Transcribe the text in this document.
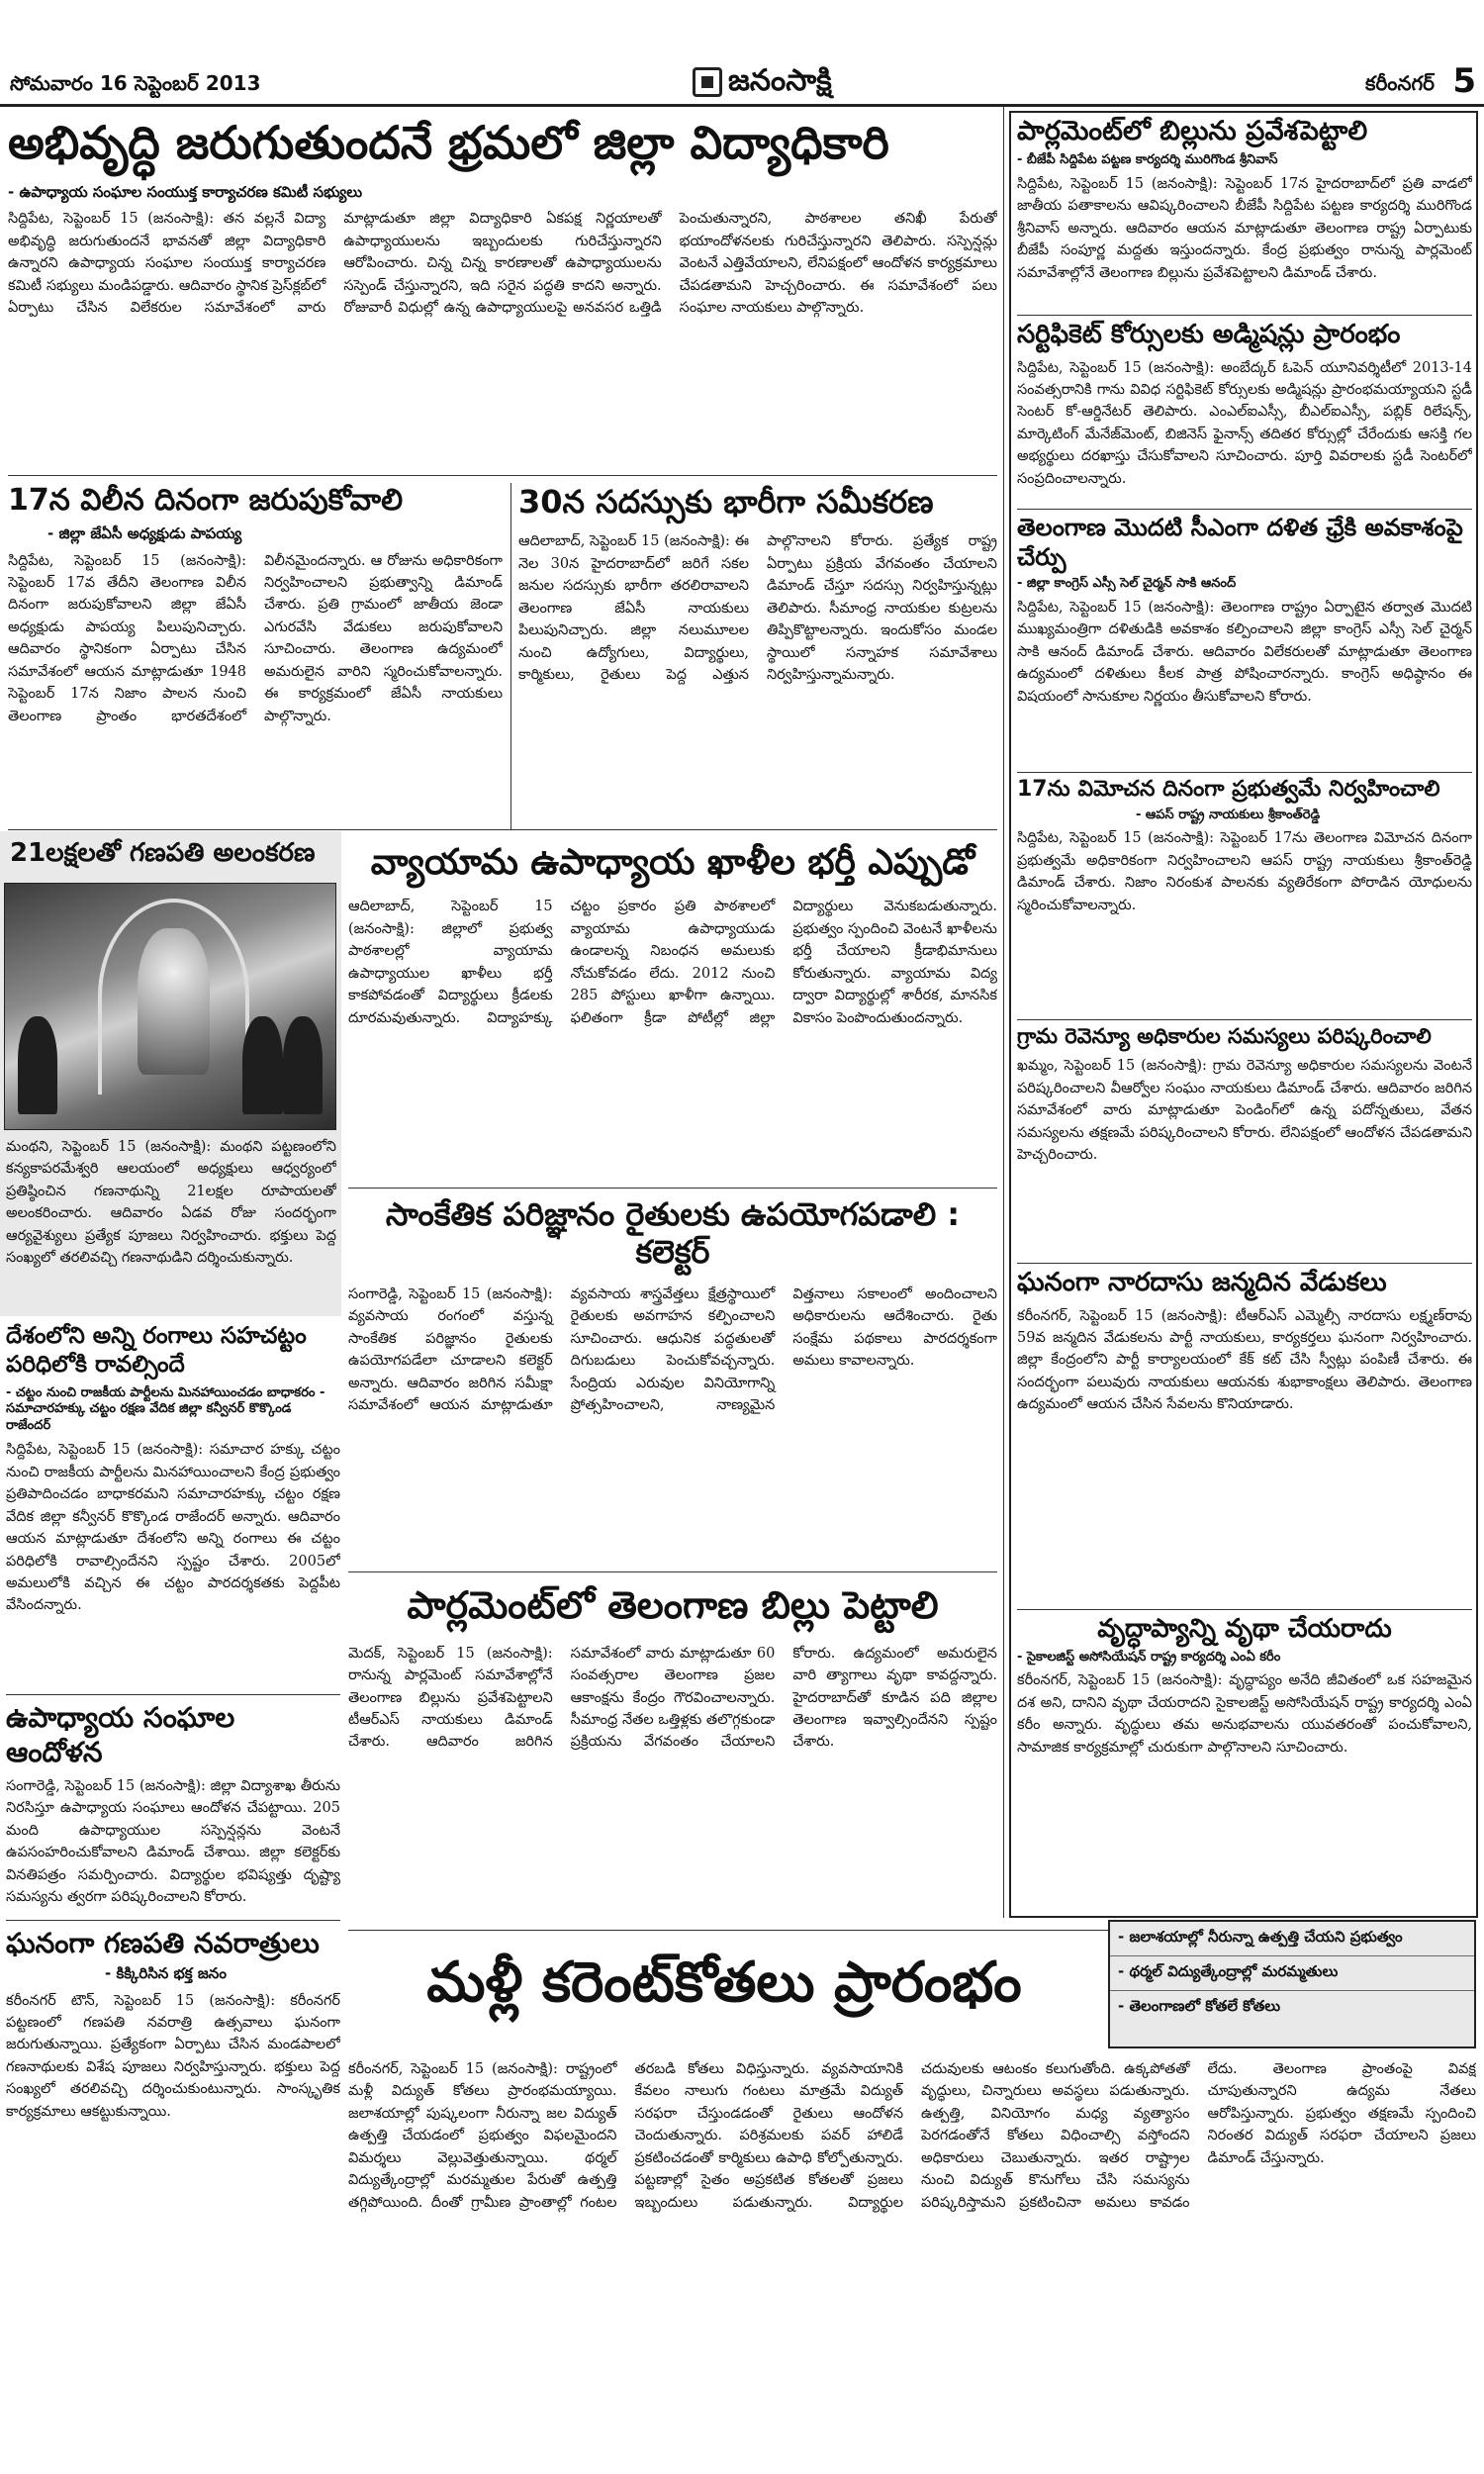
సోమవారం 16 సెప్టెంబర్ 2013	జనంసాక్షి	కరీంనగర్ 5
అభివృద్ధి జరుగుతుందనే భ్రమలో జిల్లా విద్యాధికారి
- ఉపాధ్యాయ సంఘాల సంయుక్త కార్యాచరణ కమిటీ సభ్యులు
సిద్దిపేట, సెప్టెంబర్ 15 (జనంసాక్షి): తన వల్లనే విద్యా అభివృద్ధి జరుగుతుందనే భావనతో జిల్లా విద్యాధికారి ఉన్నారని ఉపాధ్యాయ సంఘాల సంయుక్త కార్యాచరణ కమిటీ సభ్యులు మండిపడ్డారు. ఆదివారం స్థానిక ప్రెస్‌క్లబ్‌లో ఏర్పాటు చేసిన విలేకరుల సమావేశంలో వారు మాట్లాడుతూ జిల్లా విద్యాధికారి ఏకపక్ష నిర్ణయాలతో ఉపాధ్యాయులను ఇబ్బందులకు గురిచేస్తున్నారని ఆరోపించారు. చిన్న చిన్న కారణాలతో ఉపాధ్యాయులను సస్పెండ్ చేస్తున్నారని, ఇది సరైన పద్ధతి కాదని అన్నారు. రోజువారీ విధుల్లో ఉన్న ఉపాధ్యాయులపై అనవసర ఒత్తిడి పెంచుతున్నారని, పాఠశాలల తనిఖీ పేరుతో భయాందోళనలకు గురిచేస్తున్నారని తెలిపారు. సస్పెన్షన్లు వెంటనే ఎత్తివేయాలని, లేనిపక్షంలో ఆందోళన కార్యక్రమాలు చేపడతామని హెచ్చరించారు. ఈ సమావేశంలో పలు సంఘాల నాయకులు పాల్గొన్నారు.
17న విలీన దినంగా జరుపుకోవాలి
- జిల్లా జేఏసీ అధ్యక్షుడు పాపయ్య
సిద్దిపేట, సెప్టెంబర్ 15 (జనంసాక్షి): సెప్టెంబర్ 17వ తేదీని తెలంగాణ విలీన దినంగా జరుపుకోవాలని జిల్లా జేఏసీ అధ్యక్షుడు పాపయ్య పిలుపునిచ్చారు. ఆదివారం స్థానికంగా ఏర్పాటు చేసిన సమావేశంలో ఆయన మాట్లాడుతూ 1948 సెప్టెంబర్ 17న నిజాం పాలన నుంచి తెలంగాణ ప్రాంతం భారతదేశంలో విలీనమైందన్నారు. ఆ రోజును అధికారికంగా నిర్వహించాలని ప్రభుత్వాన్ని డిమాండ్ చేశారు. ప్రతి గ్రామంలో జాతీయ జెండా ఎగురవేసి వేడుకలు జరుపుకోవాలని సూచించారు. తెలంగాణ ఉద్యమంలో అమరులైన వారిని స్మరించుకోవాలన్నారు. ఈ కార్యక్రమంలో జేఏసీ నాయకులు పాల్గొన్నారు.
30న సదస్సుకు భారీగా సమీకరణ
ఆదిలాబాద్, సెప్టెంబర్ 15 (జనంసాక్షి): ఈ నెల 30న హైదరాబాద్‌లో జరిగే సకల జనుల సదస్సుకు భారీగా తరలిరావాలని తెలంగాణ జేఏసీ నాయకులు పిలుపునిచ్చారు. జిల్లా నలుమూలల నుంచి ఉద్యోగులు, విద్యార్థులు, కార్మికులు, రైతులు పెద్ద ఎత్తున పాల్గొనాలని కోరారు. ప్రత్యేక రాష్ట్ర ఏర్పాటు ప్రక్రియ వేగవంతం చేయాలని డిమాండ్ చేస్తూ సదస్సు నిర్వహిస్తున్నట్లు తెలిపారు. సీమాంధ్ర నాయకుల కుట్రలను తిప్పికొట్టాలన్నారు. ఇందుకోసం మండల స్థాయిలో సన్నాహక సమావేశాలు నిర్వహిస్తున్నామన్నారు.
21లక్షలతో గణపతి అలంకరణ
మంథని, సెప్టెంబర్ 15 (జనంసాక్షి): మంథని పట్టణంలోని కన్యకాపరమేశ్వరి ఆలయంలో అధ్యక్షులు ఆధ్వర్యంలో ప్రతిష్ఠించిన గణనాథున్ని 21లక్షల రూపాయలతో అలంకరించారు. ఆదివారం ఏడవ రోజు సందర్భంగా ఆర్యవైశ్యులు ప్రత్యేక పూజలు నిర్వహించారు. భక్తులు పెద్ద సంఖ్యలో తరలివచ్చి గణనాథుడిని దర్శించుకున్నారు.
వ్యాయామ ఉపాధ్యాయ ఖాళీల భర్తీ ఎప్పుడో
ఆదిలాబాద్, సెప్టెంబర్ 15 (జనంసాక్షి): జిల్లాలో ప్రభుత్వ పాఠశాలల్లో వ్యాయామ ఉపాధ్యాయుల ఖాళీలు భర్తీ కాకపోవడంతో విద్యార్థులు క్రీడలకు దూరమవుతున్నారు. విద్యాహక్కు చట్టం ప్రకారం ప్రతి పాఠశాలలో వ్యాయామ ఉపాధ్యాయుడు ఉండాలన్న నిబంధన అమలుకు నోచుకోవడం లేదు. 2012 నుంచి 285 పోస్టులు ఖాళీగా ఉన్నాయి. ఫలితంగా క్రీడా పోటీల్లో జిల్లా విద్యార్థులు వెనుకబడుతున్నారు. ప్రభుత్వం స్పందించి వెంటనే ఖాళీలను భర్తీ చేయాలని క్రీడాభిమానులు కోరుతున్నారు. వ్యాయామ విద్య ద్వారా విద్యార్థుల్లో శారీరక, మానసిక వికాసం పెంపొందుతుందన్నారు.
సాంకేతిక పరిజ్ఞానం రైతులకు ఉపయోగపడాలి : కలెక్టర్
సంగారెడ్డి, సెప్టెంబర్ 15 (జనంసాక్షి): వ్యవసాయ రంగంలో వస్తున్న సాంకేతిక పరిజ్ఞానం రైతులకు ఉపయోగపడేలా చూడాలని కలెక్టర్ అన్నారు. ఆదివారం జరిగిన సమీక్షా సమావేశంలో ఆయన మాట్లాడుతూ వ్యవసాయ శాస్త్రవేత్తలు క్షేత్రస్థాయిలో రైతులకు అవగాహన కల్పించాలని సూచించారు. ఆధునిక పద్ధతులతో దిగుబడులు పెంచుకోవచ్చన్నారు. సేంద్రియ ఎరువుల వినియోగాన్ని ప్రోత్సహించాలని, నాణ్యమైన విత్తనాలు సకాలంలో అందించాలని అధికారులను ఆదేశించారు. రైతు సంక్షేమ పథకాలు పారదర్శకంగా అమలు కావాలన్నారు.
దేశంలోని అన్ని రంగాలు సహచట్టం పరిధిలోకి రావల్సిందే
- చట్టం నుంచి రాజకీయ పార్టీలను మినహాయించడం బాధాకరం - సమాచారహక్కు చట్టం రక్షణ వేదిక జిల్లా కన్వీనర్ కొక్కొండ రాజేందర్
సిద్దిపేట, సెప్టెంబర్ 15 (జనంసాక్షి): సమాచార హక్కు చట్టం నుంచి రాజకీయ పార్టీలను మినహాయించాలని కేంద్ర ప్రభుత్వం ప్రతిపాదించడం బాధాకరమని సమాచారహక్కు చట్టం రక్షణ వేదిక జిల్లా కన్వీనర్ కొక్కొండ రాజేందర్ అన్నారు. ఆదివారం ఆయన మాట్లాడుతూ దేశంలోని అన్ని రంగాలు ఈ చట్టం పరిధిలోకి రావాల్సిందేనని స్పష్టం చేశారు. 2005లో అమలులోకి వచ్చిన ఈ చట్టం పారదర్శకతకు పెద్దపీట వేసిందన్నారు.
ఉపాధ్యాయ సంఘాల ఆందోళన
సంగారెడ్డి, సెప్టెంబర్ 15 (జనంసాక్షి): జిల్లా విద్యాశాఖ తీరును నిరసిస్తూ ఉపాధ్యాయ సంఘాలు ఆందోళన చేపట్టాయి. 205 మంది ఉపాధ్యాయుల సస్పెన్షన్లను వెంటనే ఉపసంహరించుకోవాలని డిమాండ్ చేశాయి. జిల్లా కలెక్టర్‌కు వినతిపత్రం సమర్పించారు. విద్యార్థుల భవిష్యత్తు దృష్ట్యా సమస్యను త్వరగా పరిష్కరించాలని కోరారు.
ఘనంగా గణపతి నవరాత్రులు
- కిక్కిరిసిన భక్త జనం
కరీంనగర్ టౌన్, సెప్టెంబర్ 15 (జనంసాక్షి): కరీంనగర్ పట్టణంలో గణపతి నవరాత్రి ఉత్సవాలు ఘనంగా జరుగుతున్నాయి. ప్రత్యేకంగా ఏర్పాటు చేసిన మండపాలలో గణనాథులకు విశేష పూజలు నిర్వహిస్తున్నారు. భక్తులు పెద్ద సంఖ్యలో తరలివచ్చి దర్శించుకుంటున్నారు. సాంస్కృతిక కార్యక్రమాలు ఆకట్టుకున్నాయి.
పార్లమెంట్‌లో తెలంగాణ బిల్లు పెట్టాలి
మెదక్, సెప్టెంబర్ 15 (జనంసాక్షి): రానున్న పార్లమెంట్ సమావేశాల్లోనే తెలంగాణ బిల్లును ప్రవేశపెట్టాలని టీఆర్ఎస్ నాయకులు డిమాండ్ చేశారు. ఆదివారం జరిగిన సమావేశంలో వారు మాట్లాడుతూ 60 సంవత్సరాల తెలంగాణ ప్రజల ఆకాంక్షను కేంద్రం గౌరవించాలన్నారు. సీమాంధ్ర నేతల ఒత్తిళ్లకు తలొగ్గకుండా ప్రక్రియను వేగవంతం చేయాలని కోరారు. ఉద్యమంలో అమరులైన వారి త్యాగాలు వృథా కావద్దన్నారు. హైదరాబాద్‌తో కూడిన పది జిల్లాల తెలంగాణ ఇవ్వాల్సిందేనని స్పష్టం చేశారు.
మళ్లీ కరెంట్‌కోతలు ప్రారంభం
- జలాశయాల్లో నీరున్నా ఉత్పత్తి చేయని ప్రభుత్వం
- థర్మల్ విద్యుత్కేంద్రాల్లో మరమ్మతులు
- తెలంగాణలో కోతలే కోతలు
కరీంనగర్, సెప్టెంబర్ 15 (జనంసాక్షి): రాష్ట్రంలో మళ్లీ విద్యుత్ కోతలు ప్రారంభమయ్యాయి. జలాశయాల్లో పుష్కలంగా నీరున్నా జల విద్యుత్ ఉత్పత్తి చేయడంలో ప్రభుత్వం విఫలమైందని విమర్శలు వెల్లువెత్తుతున్నాయి. థర్మల్ విద్యుత్కేంద్రాల్లో మరమ్మతుల పేరుతో ఉత్పత్తి తగ్గిపోయింది. దీంతో గ్రామీణ ప్రాంతాల్లో గంటల తరబడి కోతలు విధిస్తున్నారు. వ్యవసాయానికి కేవలం నాలుగు గంటలు మాత్రమే విద్యుత్ సరఫరా చేస్తుండడంతో రైతులు ఆందోళన చెందుతున్నారు. పరిశ్రమలకు పవర్ హాలిడే ప్రకటించడంతో కార్మికులు ఉపాధి కోల్పోతున్నారు. పట్టణాల్లో సైతం అప్రకటిత కోతలతో ప్రజలు ఇబ్బందులు పడుతున్నారు. విద్యార్థుల చదువులకు ఆటంకం కలుగుతోంది. ఉక్కపోతతో వృద్ధులు, చిన్నారులు అవస్థలు పడుతున్నారు. ఉత్పత్తి, వినియోగం మధ్య వ్యత్యాసం పెరగడంతోనే కోతలు విధించాల్సి వస్తోందని అధికారులు చెబుతున్నారు. ఇతర రాష్ట్రాల నుంచి విద్యుత్ కొనుగోలు చేసి సమస్యను పరిష్కరిస్తామని ప్రకటించినా అమలు కావడం లేదు. తెలంగాణ ప్రాంతంపై వివక్ష చూపుతున్నారని ఉద్యమ నేతలు ఆరోపిస్తున్నారు. ప్రభుత్వం తక్షణమే స్పందించి నిరంతర విద్యుత్ సరఫరా చేయాలని ప్రజలు డిమాండ్ చేస్తున్నారు.
పార్లమెంట్‌లో బిల్లును ప్రవేశపెట్టాలి
- బీజేపీ సిద్దిపేట పట్టణ కార్యదర్శి మురిగొండ శ్రీనివాస్
సిద్దిపేట, సెప్టెంబర్ 15 (జనంసాక్షి): సెప్టెంబర్ 17న హైదరాబాద్‌లో ప్రతి వాడలో జాతీయ పతాకాలను ఆవిష్కరించాలని బీజేపీ సిద్దిపేట పట్టణ కార్యదర్శి మురిగొండ శ్రీనివాస్ అన్నారు. ఆదివారం ఆయన మాట్లాడుతూ తెలంగాణ రాష్ట్ర ఏర్పాటుకు బీజేపీ సంపూర్ణ మద్దతు ఇస్తుందన్నారు. కేంద్ర ప్రభుత్వం రానున్న పార్లమెంట్ సమావేశాల్లోనే తెలంగాణ బిల్లును ప్రవేశపెట్టాలని డిమాండ్ చేశారు.
సర్టిఫికెట్ కోర్సులకు అడ్మిషన్లు ప్రారంభం
సిద్దిపేట, సెప్టెంబర్ 15 (జనంసాక్షి): అంబేద్కర్ ఓపెన్ యూనివర్శిటీలో 2013-14 సంవత్సరానికి గాను వివిధ సర్టిఫికెట్ కోర్సులకు అడ్మిషన్లు ప్రారంభమయ్యాయని స్టడీ సెంటర్ కో-ఆర్డినేటర్ తెలిపారు. ఎంఎల్ఐఎస్సీ, బీఎల్ఐఎస్సీ, పబ్లిక్ రిలేషన్స్, మార్కెటింగ్ మేనేజ్‌మెంట్, బిజినెస్ ఫైనాన్స్ తదితర కోర్సుల్లో చేరేందుకు ఆసక్తి గల అభ్యర్థులు దరఖాస్తు చేసుకోవాలని సూచించారు. పూర్తి వివరాలకు స్టడీ సెంటర్‌లో సంప్రదించాలన్నారు.
తెలంగాణ మొదటి సీఎంగా దళిత ఛ్రేకి అవకాశంపై చేర్పు
- జిల్లా కాంగ్రెస్ ఎస్సీ సెల్ చైర్మన్ సాకి ఆనంద్
సిద్దిపేట, సెప్టెంబర్ 15 (జనంసాక్షి): తెలంగాణ రాష్ట్రం ఏర్పాటైన తర్వాత మొదటి ముఖ్యమంత్రిగా దళితుడికి అవకాశం కల్పించాలని జిల్లా కాంగ్రెస్ ఎస్సీ సెల్ చైర్మన్ సాకి ఆనంద్ డిమాండ్ చేశారు. ఆదివారం విలేకరులతో మాట్లాడుతూ తెలంగాణ ఉద్యమంలో దళితులు కీలక పాత్ర పోషించారన్నారు. కాంగ్రెస్ అధిష్ఠానం ఈ విషయంలో సానుకూల నిర్ణయం తీసుకోవాలని కోరారు.
17ను విమోచన దినంగా ప్రభుత్వమే నిర్వహించాలి
- ఆపస్ రాష్ట్ర నాయకులు శ్రీకాంత్‌రెడ్డి
సిద్దిపేట, సెప్టెంబర్ 15 (జనంసాక్షి): సెప్టెంబర్ 17ను తెలంగాణ విమోచన దినంగా ప్రభుత్వమే అధికారికంగా నిర్వహించాలని ఆపస్ రాష్ట్ర నాయకులు శ్రీకాంత్‌రెడ్డి డిమాండ్ చేశారు. నిజాం నిరంకుశ పాలనకు వ్యతిరేకంగా పోరాడిన యోధులను స్మరించుకోవాలన్నారు.
గ్రామ రెవెన్యూ అధికారుల సమస్యలు పరిష్కరించాలి
ఖమ్మం, సెప్టెంబర్ 15 (జనంసాక్షి): గ్రామ రెవెన్యూ అధికారుల సమస్యలను వెంటనే పరిష్కరించాలని వీఆర్వోల సంఘం నాయకులు డిమాండ్ చేశారు. ఆదివారం జరిగిన సమావేశంలో వారు మాట్లాడుతూ పెండింగ్‌లో ఉన్న పదోన్నతులు, వేతన సమస్యలను తక్షణమే పరిష్కరించాలని కోరారు. లేనిపక్షంలో ఆందోళన చేపడతామని హెచ్చరించారు.
ఘనంగా నారదాసు జన్మదిన వేడుకలు
కరీంనగర్, సెప్టెంబర్ 15 (జనంసాక్షి): టీఆర్ఎస్ ఎమ్మెల్సీ నారదాసు లక్ష్మణ్‌రావు 59వ జన్మదిన వేడుకలను పార్టీ నాయకులు, కార్యకర్తలు ఘనంగా నిర్వహించారు. జిల్లా కేంద్రంలోని పార్టీ కార్యాలయంలో కేక్ కట్ చేసి స్వీట్లు పంపిణీ చేశారు. ఈ సందర్భంగా పలువురు నాయకులు ఆయనకు శుభాకాంక్షలు తెలిపారు. తెలంగాణ ఉద్యమంలో ఆయన చేసిన సేవలను కొనియాడారు.
వృద్ధాప్యాన్ని వృథా చేయరాదు
- సైకాలజిస్ట్ అసోసియేషన్ రాష్ట్ర కార్యదర్శి ఎంఏ కరీం
కరీంనగర్, సెప్టెంబర్ 15 (జనంసాక్షి): వృద్ధాప్యం అనేది జీవితంలో ఒక సహజమైన దశ అని, దానిని వృథా చేయరాదని సైకాలజిస్ట్ అసోసియేషన్ రాష్ట్ర కార్యదర్శి ఎంఏ కరీం అన్నారు. వృద్ధులు తమ అనుభవాలను యువతరంతో పంచుకోవాలని, సామాజిక కార్యక్రమాల్లో చురుకుగా పాల్గొనాలని సూచించారు.
